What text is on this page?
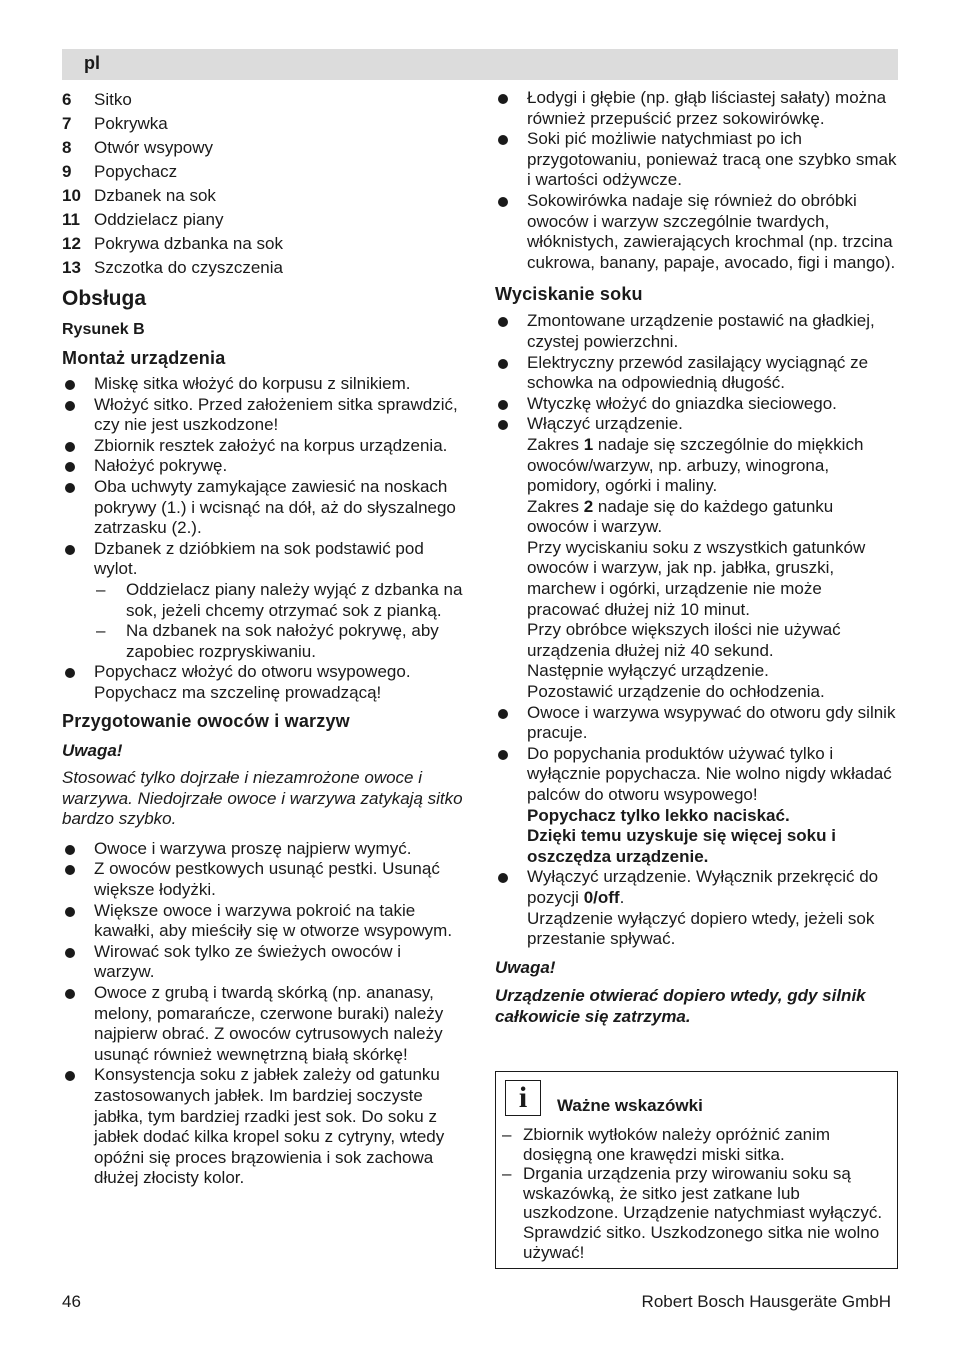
pl
6	Sitko
7	Pokrywka
8	Otwór wsypowy
9	Popychacz
10 Dzbanek na sok
11 Oddzielacz piany
12 Pokrywa dzbanka na sok
13 Szczotka do czyszczenia
Obsługa
Rysunek B
Montaż urządzenia
Miskę sitka włożyć do korpusu z silnikiem.
Włożyć sitko. Przed założeniem sitka sprawdzić, czy nie jest uszkodzone!
Zbiornik resztek założyć na korpus urządzenia.
Nałożyć pokrywę.
Oba uchwyty zamykające zawiesić na noskach pokrywy (1.) i wcisnąć na dół, aż do słyszalnego zatrzasku (2.).
Dzbanek z dzióbkiem na sok podstawić pod wylot.
– Oddzielacz piany należy wyjąć z dzbanka na sok, jeżeli chcemy otrzymać sok z pianką.
– Na dzbanek na sok nałożyć pokrywę, aby zapobiec rozpryskiwaniu.
Popychacz włożyć do otworu wsypowego. Popychacz ma szczelinę prowadzącą!
Przygotowanie owoców i warzyw

Uwaga!

Stosować tylko dojrzałe i niezamrożone owoce i warzywa. Niedojrzałe owoce i warzywa zatykają sitko bardzo szybko.

Owoce i warzywa proszę najpierw wymyć.
Z owoców pestkowych usunąć pestki. Usunąć większe łodyżki.
Większe owoce i warzywa pokroić na takie kawałki, aby mieściły się w otworze wsypowym.
Wirować sok tylko ze świeżych owoców i warzyw.
Owoce z grubą i twardą skórką (np. ananasy, melony, pomarańcze, czerwone buraki) należy najpierw obrać. Z owoców cytrusowych należy usunąć również wewnętrzną białą skórkę!
Konsystencja soku z jabłek zależy od gatunku zastosowanych jabłek. Im bardziej soczyste jabłka, tym bardziej rzadki jest sok. Do soku z jabłek dodać kilka kropel soku z cytryny, wtedy opóźni się proces brązowienia i sok zachowa dłużej złocisty kolor.
Łodygi i głębie (np. głąb liściastej sałaty) można również przepuścić przez sokowirówkę.
Soki pić możliwie natychmiast po ich przygotowaniu, ponieważ tracą one szybko smak i wartości odżywcze.
Sokowirówka nadaje się również do obróbki owoców i warzyw szczególnie twardych, włóknistych, zawierających krochmal (np. trzcina cukrowa, banany, papaje, avocado, figi i mango).
Wyciskanie soku
Zmontowane urządzenie postawić na gładkiej, czystej powierzchni.
Elektryczny przewód zasilający wyciągnąć ze schowka na odpowiednią długość.
Wtyczkę włożyć do gniazdka sieciowego.
Włączyć urządzenie.
Zakres 1 nadaje się szczególnie do miękkich owoców/warzyw, np. arbuzy, winogrona, pomidory, ogórki i maliny.
Zakres 2 nadaje się do każdego gatunku owoców i warzyw.
Przy wyciskaniu soku z wszystkich gatunków owoców i warzyw, jak np. jabłka, gruszki, marchew i ogórki, urządzenie nie może pracować dłużej niż 10 minut.
Przy obróbce większych ilości nie używać urządzenia dłużej niż 40 sekund.
Następnie wyłączyć urządzenie.
Pozostawić urządzenie do ochłodzenia.
Owoce i warzywa wsypywać do otworu gdy silnik pracuje.
Do popychania produktów używać tylko i wyłącznie popychacza. Nie wolno nigdy wkładać palców do otworu wsypowego!
Popychacz tylko lekko naciskać.
Dzięki temu uzyskuje się więcej soku i oszczędza urządzenie.
Wyłączyć urządzenie. Wyłącznik przekręcić do pozycji 0/off.
Urządzenie wyłączyć dopiero wtedy, jeżeli sok przestanie spływać.

Uwaga!

Urządzenie otwierać dopiero wtedy, gdy silnik całkowicie się zatrzyma.

i
Ważne wskazówki
– Zbiornik wytłoków należy opróżnić zanim dosięgną one krawędzi miski sitka.
– Drgania urządzenia przy wirowaniu soku są wskazówką, że sitko jest zatkane lub uszkodzone. Urządzenie natychmiast wyłączyć. Sprawdzić sitko. Uszkodzonego sitka nie wolno używać!
46	Robert Bosch Hausgeräte GmbH
